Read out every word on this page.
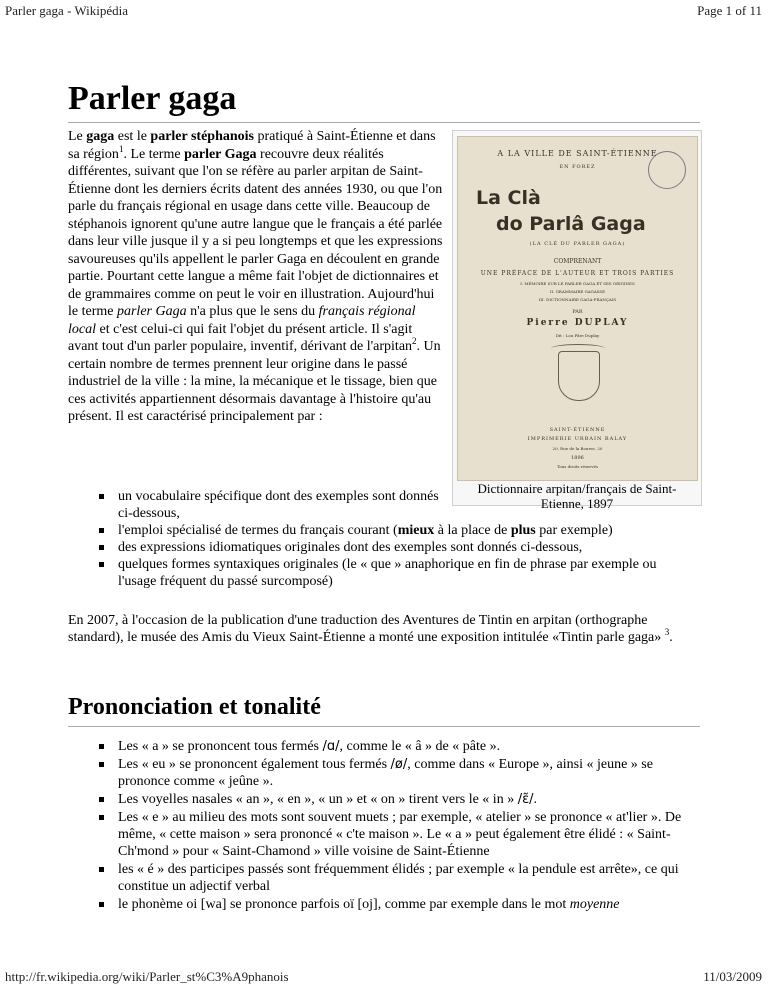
Parler gaga - Wikipédia	Page 1 of 11
Parler gaga

Le gaga est le parler stéphanois pratiqué à Saint-Étienne et dans sa région$^1$. Le terme parler Gaga recouvre deux réalités différentes, suivant que l'on se réfère au parler arpitan de Saint-Étienne dont les derniers écrits datent des années 1930, ou que l'on parle du français régional en usage dans cette ville. Beaucoup de stéphanois ignorent qu'une autre langue que le français a été parlée dans leur ville jusque il y a si peu longtemps et que les expressions savoureuses qu'ils appellent le parler Gaga en découlent en grande partie. Pourtant cette langue a même fait l'objet de dictionnaires et de grammaires comme on peut le voir en illustration. Aujourd'hui le terme parler Gaga n'a plus que le sens du français régional local et c'est celui-ci qui fait l'objet du présent article. Il s'agit avant tout d'un parler populaire, inventif, dérivant de l'arpitan$^2$. Un certain nombre de termes prennent leur origine dans le passé industriel de la ville : la mine, la mécanique et le tissage, bien que ces activités appartiennent désormais davantage à l'histoire qu'au présent. Il est caractérisé principalement par :

A LA VILLE DE SAINT-ÉTIENNE
EN FOREZ
La Clà
do Parlâ Gaga
(LA CLÉ DU PARLER GAGA)
COMPRENANT
UNE PRÉFACE DE L'AUTEUR ET TROIS PARTIES
I. MÉMOIRE SUR LE PARLER GAGA ET SES ORIGINES
II. GRAMMAIRE GAGASSE
III. DICTIONNAIRE GAGA-FRANÇAIS
PAR
Pierre DUPLAY
Dit : Lou Pâre Duplay
SAINT-ÉTIENNE
IMPRIMERIE URBAIN BALAY
20, Rue de la Bourse, 20
1896
Tous droits réservés
Dictionnaire arpitan/français de Saint-Etienne, 1897
un vocabulaire spécifique dont des exemples sont donnés ci-dessous,
l'emploi spécialisé de termes du français courant (mieux à la place de plus par exemple)
des expressions idiomatiques originales dont des exemples sont donnés ci-dessous,
quelques formes syntaxiques originales (le « que » anaphorique en fin de phrase par exemple ou l'usage fréquent du passé surcomposé)

En 2007, à l'occasion de la publication d'une traduction des Aventures de Tintin en arpitan (orthographe standard), le musée des Amis du Vieux Saint-Étienne a monté une exposition intitulée «Tintin parle gaga» $^3$.

Prononciation et tonalité
Les « a » se prononcent tous fermés /ɑ/, comme le « â » de « pâte ».
Les « eu » se prononcent également tous fermés /ø/, comme dans « Europe », ainsi « jeune » se prononce comme « jeûne ».
Les voyelles nasales « an », « en », « un » et « on » tirent vers le « in » /ɛ̃/.
Les « e » au milieu des mots sont souvent muets ; par exemple, « atelier » se prononce « at'lier ». De même, « cette maison » sera prononcé « c'te maison ». Le « a » peut également être élidé : « Saint-Ch'mond » pour « Saint-Chamond » ville voisine de Saint-Étienne
les « é » des participes passés sont fréquemment élidés ; par exemple « la pendule est arrête», ce qui constitue un adjectif verbal
le phonème oi [wa] se prononce parfois oï [oj], comme par exemple dans le mot moyenne
http://fr.wikipedia.org/wiki/Parler_st%C3%A9phanois	11/03/2009
